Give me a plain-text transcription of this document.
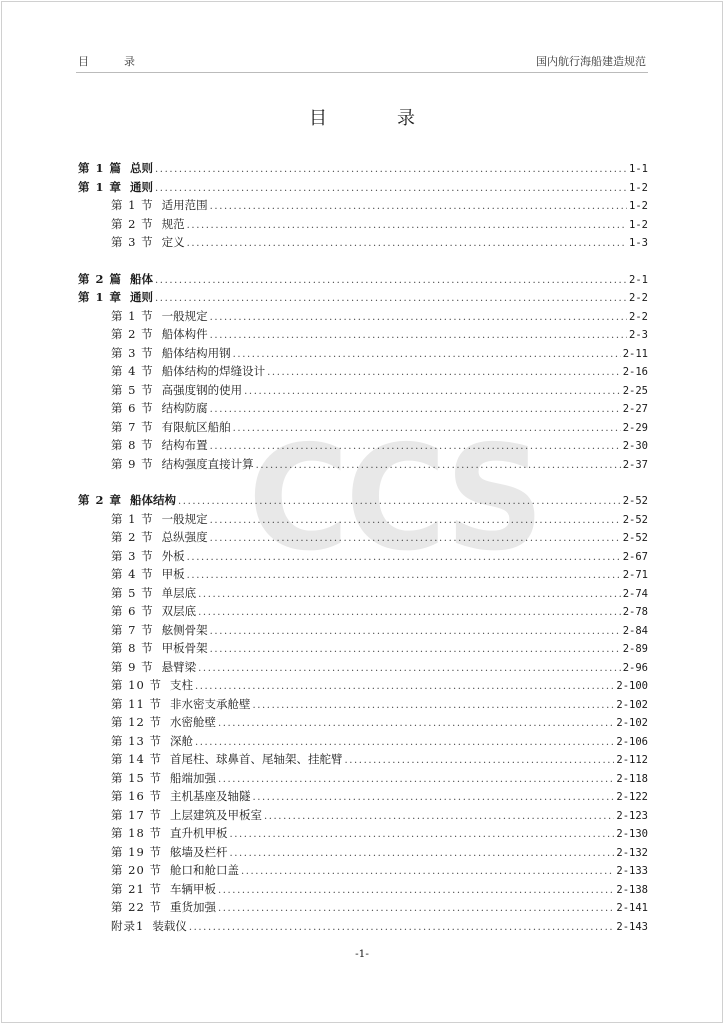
目　录	国内航行海船建造规范
CCS
目　录
第 1 篇 总则 .....	1-1
第 1 章 通则 .....	1-2
第 1 节 适用范围 .....	1-2
第 2 节 规范 .....	1-2
第 3 节 定义 .....	1-3
第 2 篇 船体 .....	2-1
第 1 章 通则 .....	2-2
第 1 节 一般规定 .....	2-2
第 2 节 船体构件 .....	2-3
第 3 节 船体结构用钢 .....	2-11
第 4 节 船体结构的焊缝设计 .....	2-16
第 5 节 高强度钢的使用 .....	2-25
第 6 节 结构防腐 .....	2-27
第 7 节 有限航区船舶 .....	2-29
第 8 节 结构布置 .....	2-30
第 9 节 结构强度直接计算 .....	2-37
第 2 章 船体结构 .....	2-52
第 1 节 一般规定 .....	2-52
第 2 节 总纵强度 .....	2-52
第 3 节 外板 .....	2-67
第 4 节 甲板 .....	2-71
第 5 节 单层底 .....	2-74
第 6 节 双层底 .....	2-78
第 7 节 舷侧骨架 .....	2-84
第 8 节 甲板骨架 .....	2-89
第 9 节 悬臂梁 .....	2-96
第 10 节 支柱 .....	2-100
第 11 节 非水密支承舱壁 .....	2-102
第 12 节 水密舱壁 .....	2-102
第 13 节 深舱 .....	2-106
第 14 节 首尾柱、球鼻首、尾轴架、挂舵臂 .....	2-112
第 15 节 船端加强 .....	2-118
第 16 节 主机基座及轴隧 .....	2-122
第 17 节 上层建筑及甲板室 .....	2-123
第 18 节 直升机甲板 .....	2-130
第 19 节 舷墙及栏杆 .....	2-132
第 20 节 舱口和舱口盖 .....	2-133
第 21 节 车辆甲板 .....	2-138
第 22 节 重货加强 .....	2-141
附录1 装载仪 .....	2-143
-1-
